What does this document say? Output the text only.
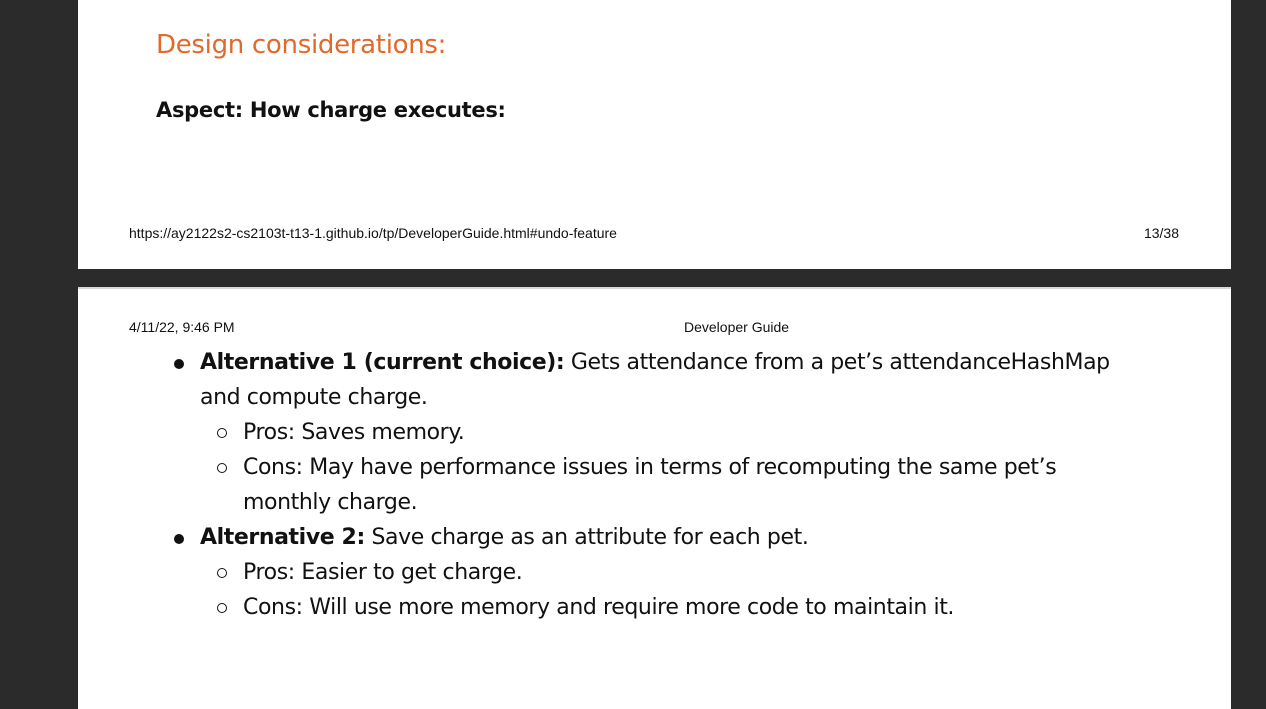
Design considerations:
Aspect: How charge executes:
https://ay2122s2-cs2103t-t13-1.github.io/tp/DeveloperGuide.html#undo-feature	13/38
4/11/22, 9:46 PM	Developer Guide
Alternative 1 (current choice): Gets attendance from a pet’s attendanceHashMap and compute charge.
Pros: Saves memory.
Cons: May have performance issues in terms of recomputing the same pet’s monthly charge.
Alternative 2: Save charge as an attribute for each pet.
Pros: Easier to get charge.
Cons: Will use more memory and require more code to maintain it.
